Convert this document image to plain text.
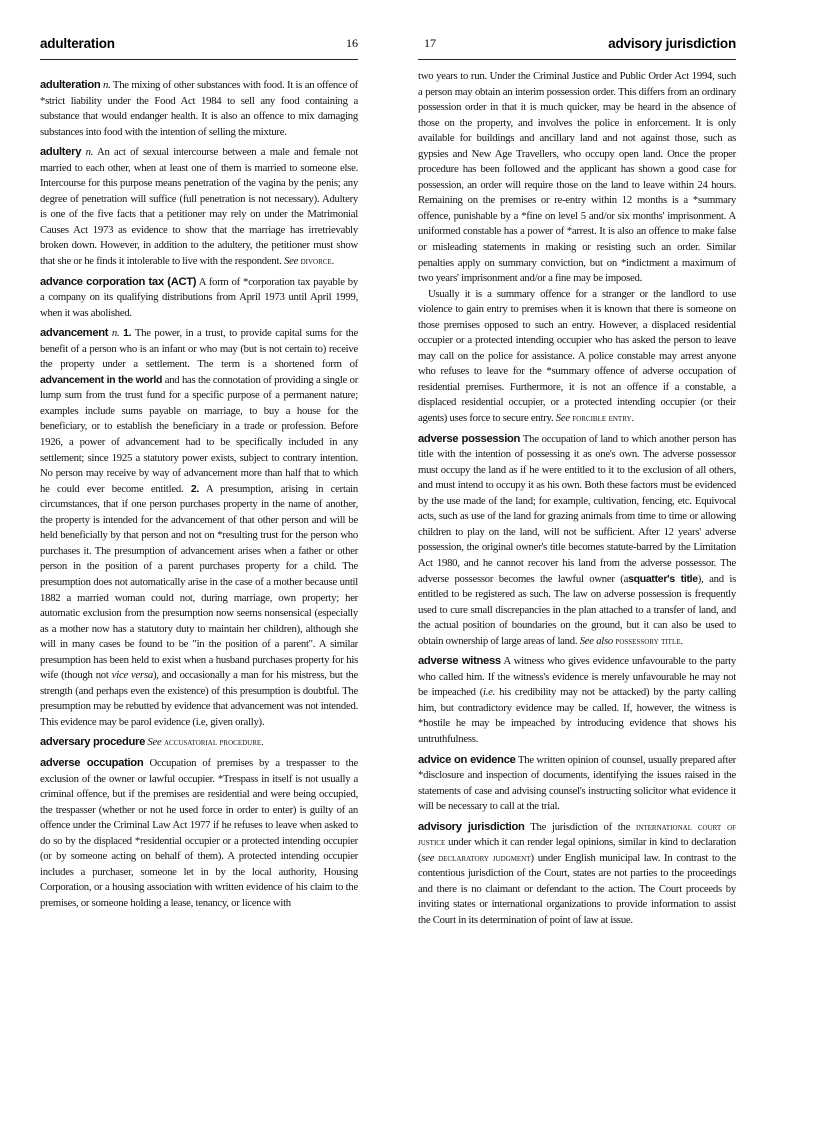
adulteration	16

adulteration n. The mixing of other substances with food. It is an offence of *strict liability under the Food Act 1984 to sell any food containing a substance that would endanger health. It is also an offence to mix damaging substances into food with the intention of selling the mixture.

adultery n. An act of sexual intercourse between a male and female not married to each other, when at least one of them is married to someone else. Intercourse for this purpose means penetration of the vagina by the penis; any degree of penetration will suffice (full penetration is not necessary). Adultery is one of the five facts that a petitioner may rely on under the Matrimonial Causes Act 1973 as evidence to show that the marriage has irretrievably broken down. However, in addition to the adultery, the petitioner must show that she or he finds it intolerable to live with the respondent. See divorce.

advance corporation tax (ACT) A form of *corporation tax payable by a company on its qualifying distributions from April 1973 until April 1999, when it was abolished.

advancement n. 1. The power, in a trust, to provide capital sums for the benefit of a person who is an infant or who may (but is not certain to) receive the property under a settlement. The term is a shortened form of advancement in the world and has the connotation of providing a single or lump sum from the trust fund for a specific purpose of a permanent nature; examples include sums payable on marriage, to buy a house for the beneficiary, or to establish the beneficiary in a trade or profession. Before 1926, a power of advancement had to be specifically included in any settlement; since 1925 a statutory power exists, subject to contrary intention. No person may receive by way of advancement more than half that to which he could ever become entitled. 2. A presumption, arising in certain circumstances, that if one person purchases property in the name of another, the property is intended for the advancement of that other person and will be held beneficially by that person and not on *resulting trust for the person who purchases it. The presumption of advancement arises when a father or other person in the position of a parent purchases property for a child. The presumption does not automatically arise in the case of a mother because until 1882 a married woman could not, during marriage, own property; her automatic exclusion from the presumption now seems nonsensical (especially as a mother now has a statutory duty to maintain her children), although she will in many cases be found to be "in the position of a parent". A similar presumption has been held to exist when a husband purchases property for his wife (though not vice versa), and occasionally a man for his mistress, but the strength (and perhaps even the existence) of this presumption is doubtful. The presumption may be rebutted by evidence that advancement was not intended. This evidence may be parol evidence (i.e, given orally).

adversary procedure See accusatorial procedure.

adverse occupation Occupation of premises by a trespasser to the exclusion of the owner or lawful occupier. *Trespass in itself is not usually a criminal offence, but if the premises are residential and were being occupied, the trespasser (whether or not he used force in order to enter) is guilty of an offence under the Criminal Law Act 1977 if he refuses to leave when asked to do so by the displaced *residential occupier or a protected intending occupier (or by someone acting on behalf of them). A protected intending occupier includes a purchaser, someone let in by the local authority, Housing Corporation, or a housing association with written evidence of his claim to the premises, or someone holding a lease, tenancy, or licence with

17	advisory jurisdiction

two years to run. Under the Criminal Justice and Public Order Act 1994, such a person may obtain an interim possession order. This differs from an ordinary possession order in that it is much quicker, may be heard in the absence of those on the property, and involves the police in enforcement. It is only available for buildings and ancillary land and not against those, such as gypsies and New Age Travellers, who occupy open land. Once the proper procedure has been followed and the applicant has shown a good case for possession, an order will require those on the land to leave within 24 hours. Remaining on the premises or re-entry within 12 months is a *summary offence, punishable by a *fine on level 5 and/or six months' imprisonment. A uniformed constable has a power of *arrest. It is also an offence to make false or misleading statements in making or resisting such an order. Similar penalties apply on summary conviction, but on *indictment a maximum of two years' imprisonment and/or a fine may be imposed.

Usually it is a summary offence for a stranger or the landlord to use violence to gain entry to premises when it is known that there is someone on those premises opposed to such an entry. However, a displaced residential occupier or a protected intending occupier who has asked the person to leave may call on the police for assistance. A police constable may arrest anyone who refuses to leave for the *summary offence of adverse occupation of residential premises. Furthermore, it is not an offence if a constable, a displaced residential occupier, or a protected intending occupier (or their agents) uses force to secure entry. See forcible entry.

adverse possession The occupation of land to which another person has title with the intention of possessing it as one's own. The adverse possessor must occupy the land as if he were entitled to it to the exclusion of all others, and must intend to occupy it as his own. Both these factors must be evidenced by the use made of the land; for example, cultivation, fencing, etc. Equivocal acts, such as use of the land for grazing animals from time to time or allowing children to play on the land, will not be sufficient. After 12 years' adverse possession, the original owner's title becomes statute-barred by the Limitation Act 1980, and he cannot recover his land from the adverse possessor. The adverse possessor becomes the lawful owner (asquatter's title), and is entitled to be registered as such. The law on adverse possession is frequently used to cure small discrepancies in the plan attached to a transfer of land, and the actual position of boundaries on the ground, but it can also be used to obtain ownership of large areas of land. See also possessory title.

adverse witness A witness who gives evidence unfavourable to the party who called him. If the witness's evidence is merely unfavourable he may not be impeached (i.e. his credibility may not be attacked) by the party calling him, but contradictory evidence may be called. If, however, the witness is *hostile he may be impeached by introducing evidence that shows his untruthfulness.

advice on evidence The written opinion of counsel, usually prepared after *disclosure and inspection of documents, identifying the issues raised in the statements of case and advising counsel's instructing solicitor what evidence it will be necessary to call at the trial.

advisory jurisdiction The jurisdiction of the international court of justice under which it can render legal opinions, similar in kind to declaration (see declaratory judgment) under English municipal law. In contrast to the contentious jurisdiction of the Court, states are not parties to the proceedings and there is no claimant or defendant to the action. The Court proceeds by inviting states or international organizations to provide information to assist the Court in its determination of point of law at issue.
